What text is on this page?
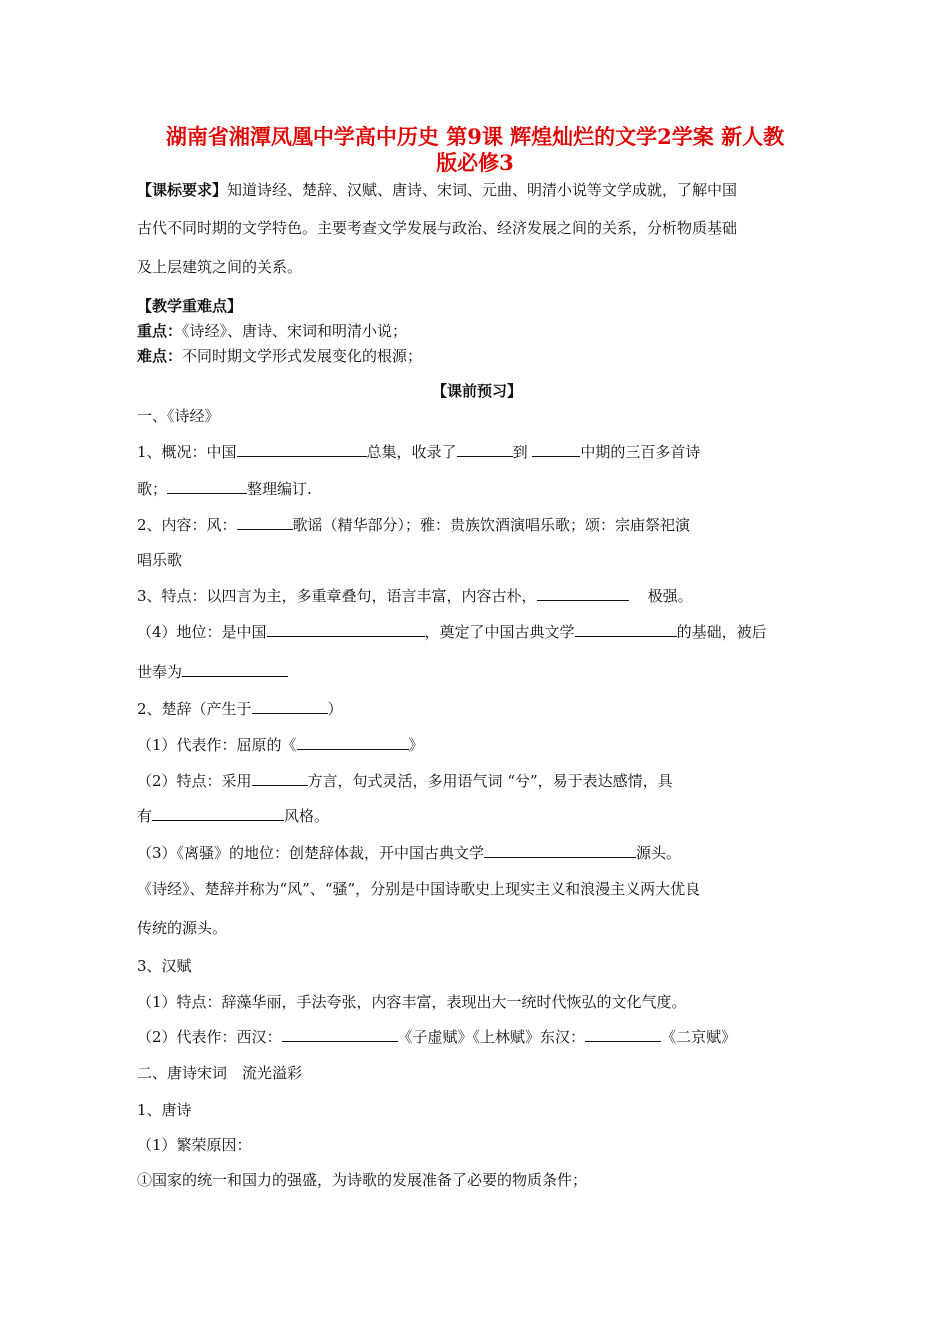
湖南省湘潭凤凰中学高中历史 第9课 辉煌灿烂的文学2学案 新人教
版必修3
【课标要求】知道诗经、楚辞、汉赋、唐诗、宋词、元曲、明清小说等文学成就，了解中国
古代不同时期的文学特色。主要考查文学发展与政治、经济发展之间的关系，分析物质基础
及上层建筑之间的关系。
【教学重难点】
重点：《诗经》、唐诗、宋词和明清小说；
难点：不同时期文学形式发展变化的根源；
【课前预习】
一、《诗经》
1、概况：中国	总集，收录了	到	中期的三百多首诗
歌；	整理编订.
2、内容：风：	歌谣（精华部分）；雅：贵族饮酒演唱乐歌；颂：宗庙祭祀演
唱乐歌
3、特点：以四言为主，多重章叠句，语言丰富，内容古朴，	极强。
（4）地位：是中国	，奠定了中国古典文学	的基础，被后
世奉为
2、楚辞（产生于	）
（1）代表作：屈原的《	》
（2）特点：采用	方言，句式灵活，多用语气词 “兮”，易于表达感情，具
有	风格。
（3）《离骚》的地位：创楚辞体裁，开中国古典文学	源头。
《诗经》、楚辞并称为“风”、“骚”，分别是中国诗歌史上现实主义和浪漫主义两大优良
传统的源头。
3、汉赋
（1）特点：辞藻华丽，手法夸张，内容丰富，表现出大一统时代恢弘的文化气度。
（2）代表作：西汉：	《子虚赋》《上林赋》东汉：	《二京赋》
二、唐诗宋词　流光溢彩
1、唐诗
（1）繁荣原因：
①国家的统一和国力的强盛，为诗歌的发展准备了必要的物质条件；
